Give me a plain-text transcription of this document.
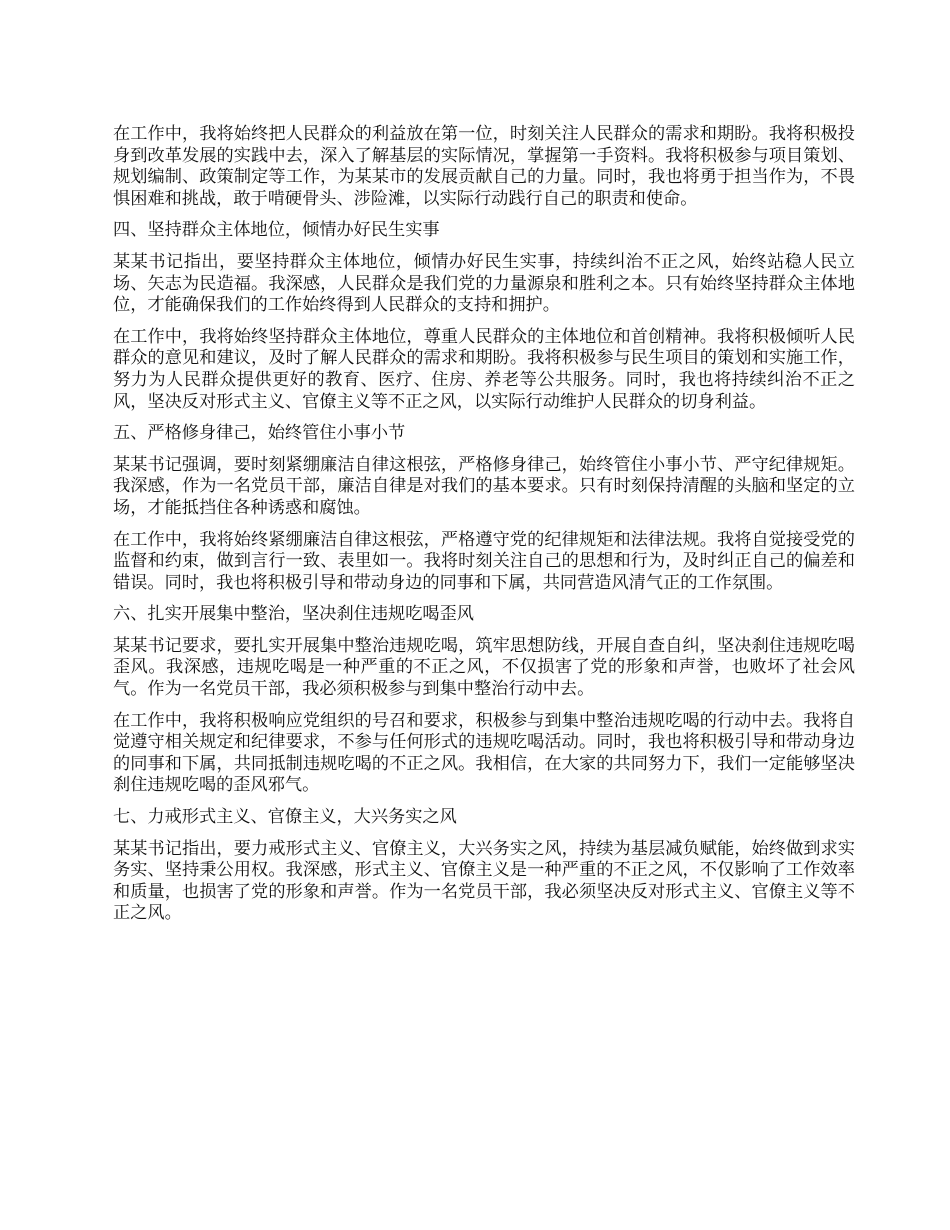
在工作中，我将始终把人民群众的利益放在第一位，时刻关注人民群众的需求和期盼。我将积极投身到改革发展的实践中去，深入了解基层的实际情况，掌握第一手资料。我将积极参与项目策划、规划编制、政策制定等工作，为某某市的发展贡献自己的力量。同时，我也将勇于担当作为，不畏惧困难和挑战，敢于啃硬骨头、涉险滩，以实际行动践行自己的职责和使命。

四、坚持群众主体地位，倾情办好民生实事

某某书记指出，要坚持群众主体地位，倾情办好民生实事，持续纠治不正之风，始终站稳人民立场、矢志为民造福。我深感，人民群众是我们党的力量源泉和胜利之本。只有始终坚持群众主体地位，才能确保我们的工作始终得到人民群众的支持和拥护。

在工作中，我将始终坚持群众主体地位，尊重人民群众的主体地位和首创精神。我将积极倾听人民群众的意见和建议，及时了解人民群众的需求和期盼。我将积极参与民生项目的策划和实施工作，努力为人民群众提供更好的教育、医疗、住房、养老等公共服务。同时，我也将持续纠治不正之风，坚决反对形式主义、官僚主义等不正之风，以实际行动维护人民群众的切身利益。

五、严格修身律己，始终管住小事小节

某某书记强调，要时刻紧绷廉洁自律这根弦，严格修身律己，始终管住小事小节、严守纪律规矩。我深感，作为一名党员干部，廉洁自律是对我们的基本要求。只有时刻保持清醒的头脑和坚定的立场，才能抵挡住各种诱惑和腐蚀。

在工作中，我将始终紧绷廉洁自律这根弦，严格遵守党的纪律规矩和法律法规。我将自觉接受党的监督和约束，做到言行一致、表里如一。我将时刻关注自己的思想和行为，及时纠正自己的偏差和错误。同时，我也将积极引导和带动身边的同事和下属，共同营造风清气正的工作氛围。

六、扎实开展集中整治，坚决刹住违规吃喝歪风

某某书记要求，要扎实开展集中整治违规吃喝，筑牢思想防线，开展自查自纠，坚决刹住违规吃喝歪风。我深感，违规吃喝是一种严重的不正之风，不仅损害了党的形象和声誉，也败坏了社会风气。作为一名党员干部，我必须积极参与到集中整治行动中去。

在工作中，我将积极响应党组织的号召和要求，积极参与到集中整治违规吃喝的行动中去。我将自觉遵守相关规定和纪律要求，不参与任何形式的违规吃喝活动。同时，我也将积极引导和带动身边的同事和下属，共同抵制违规吃喝的不正之风。我相信，在大家的共同努力下，我们一定能够坚决刹住违规吃喝的歪风邪气。

七、力戒形式主义、官僚主义，大兴务实之风

某某书记指出，要力戒形式主义、官僚主义，大兴务实之风，持续为基层减负赋能，始终做到求实务实、坚持秉公用权。我深感，形式主义、官僚主义是一种严重的不正之风，不仅影响了工作效率和质量，也损害了党的形象和声誉。作为一名党员干部，我必须坚决反对形式主义、官僚主义等不正之风。
